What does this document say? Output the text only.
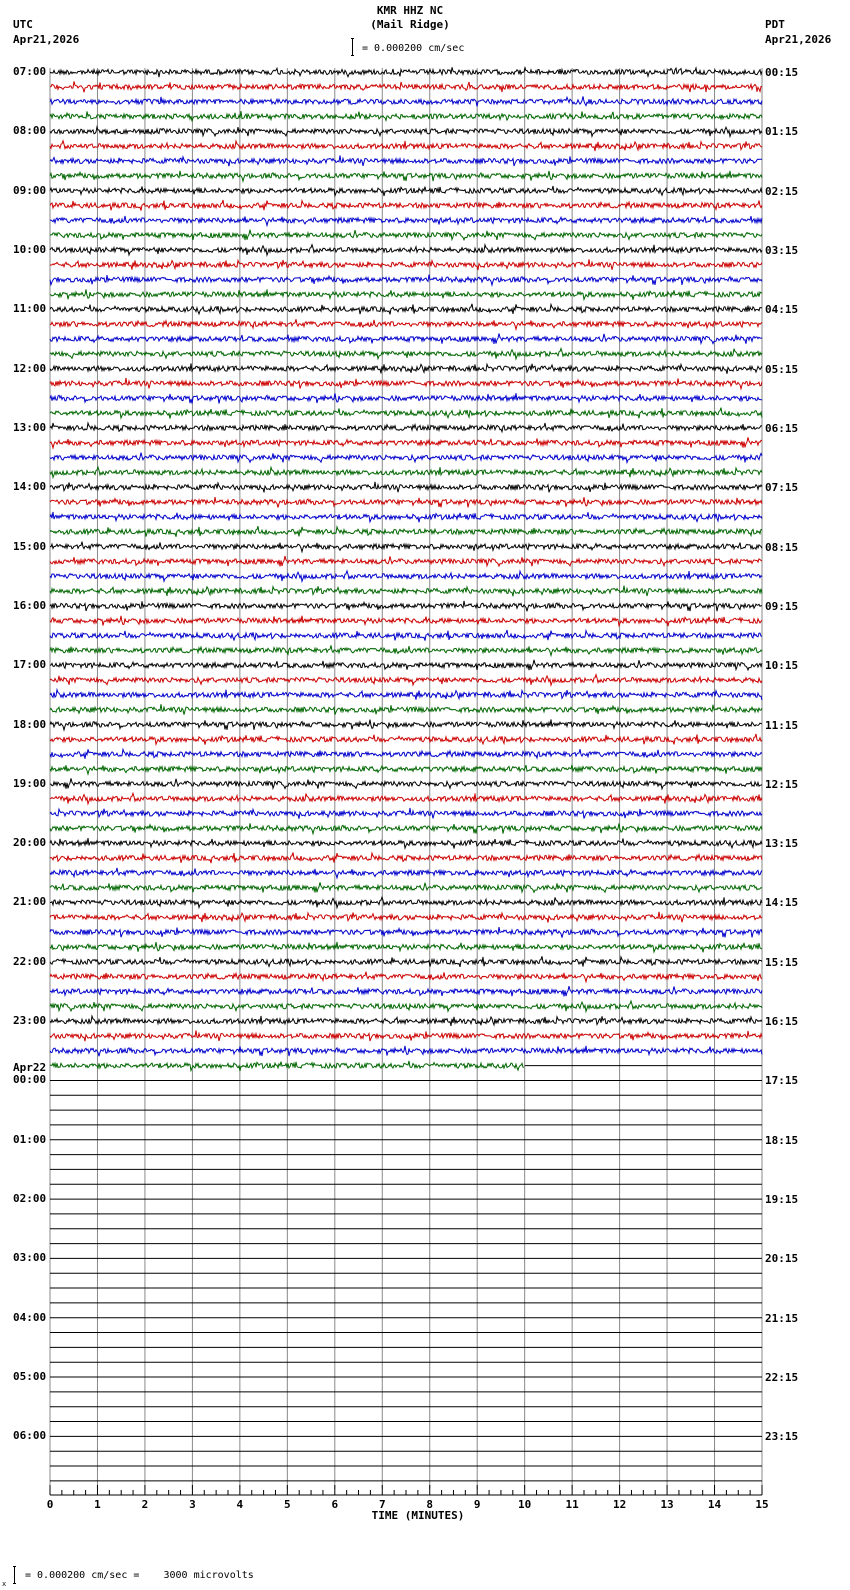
0	1	2	3	4	5	6	7	8	9	10	11	12	13	14	15
KMR HHZ NC
(Mail Ridge)
= 0.000200 cm/sec
UTC
Apr21,2026
PDT
Apr21,2026
07:00
08:00
09:00
10:00
11:00
12:00
13:00
14:00
15:00
16:00
17:00
18:00
19:00
20:00
21:00
22:00
23:00
00:00
01:00
02:00
03:00
04:00
05:00
06:00
00:15
01:15
02:15
03:15
04:15
05:15
06:15
07:15
08:15
09:15
10:15
11:15
12:15
13:15
14:15
15:15
16:15
17:15
18:15
19:15
20:15
21:15
22:15
23:15
Apr22
TIME (MINUTES)
x
= 0.000200 cm/sec =    3000 microvolts
